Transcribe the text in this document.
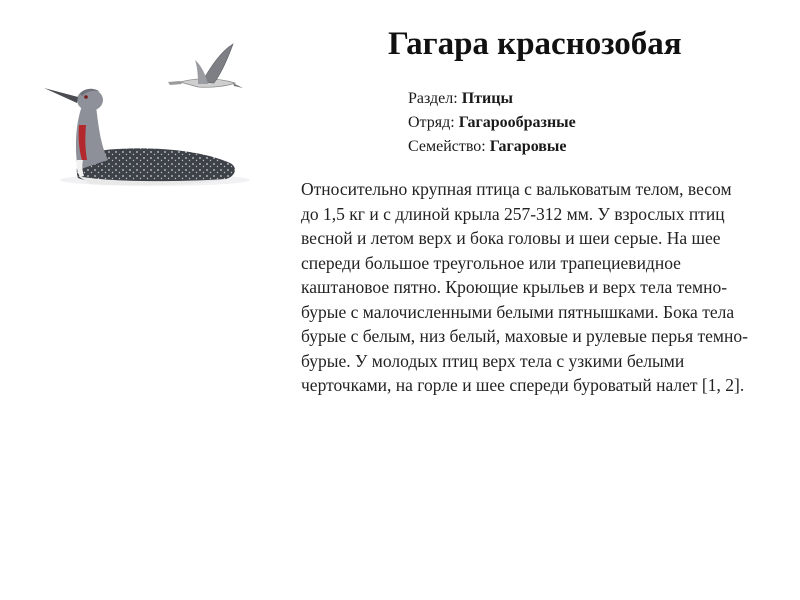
Гагара краснозобая
Раздел: Птицы
Отряд: Гагарообразные
Семейство: Гагаровые

Относительно крупная птица с вальковатым телом, весом до 1,5 кг и с длиной крыла 257-312 мм. У взрослых птиц весной и летом верх и бока головы и шеи серые. На шее спереди большое треугольное или трапециевидное каштановое пятно. Кроющие крыльев и верх тела темно-бурые с малочисленными белыми пятнышками. Бока тела бурые с белым, низ белый, маховые и рулевые перья темно-бурые. У молодых птиц верх тела с узкими белыми черточками, на горле и шее спереди буроватый налет [1, 2].
